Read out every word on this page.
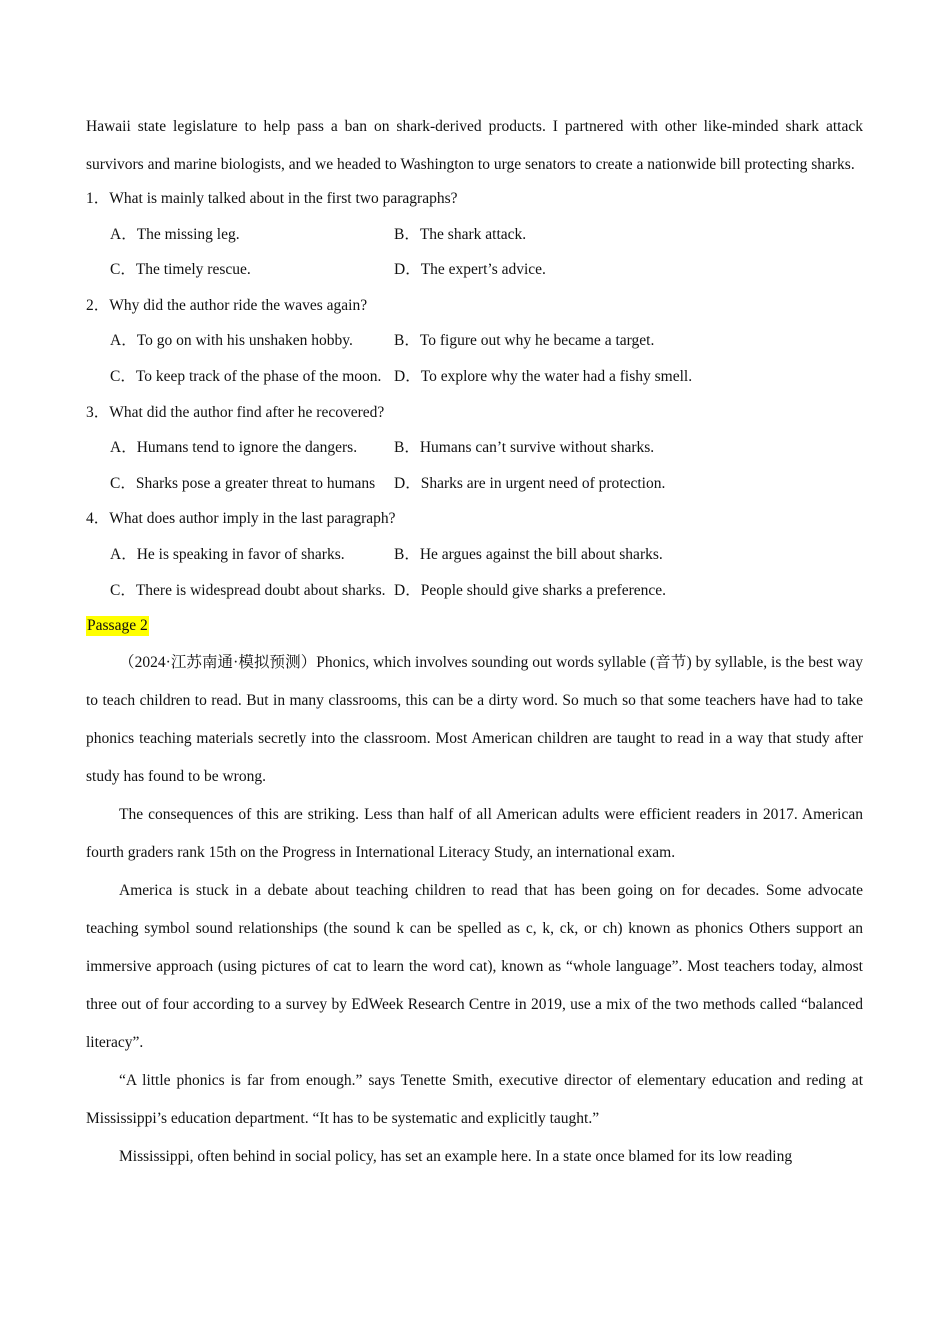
Hawaii state legislature to help pass a ban on shark-derived products. I partnered with other like-minded shark attack survivors and marine biologists, and we headed to Washington to urge senators to create a nationwide bill protecting sharks.

1．What is mainly talked about in the first two paragraphs?

A．The missing leg.	B．The shark attack.
C．The timely rescue.	D．The expert’s advice.

2．Why did the author ride the waves again?

A．To go on with his unshaken hobby.	B．To figure out why he became a target.
C．To keep track of the phase of the moon. D．To explore why the water had a fishy smell.

3．What did the author find after he recovered?

A．Humans tend to ignore the dangers.	B．Humans can’t survive without sharks.
C．Sharks pose a greater threat to humans	D．Sharks are in urgent need of protection.

4．What does author imply in the last paragraph?

A．He is speaking in favor of sharks.	B．He argues against the bill about sharks.
C．There is widespread doubt about sharks. D．People should give sharks a preference.
Passage 2

（2024·江苏南通·模拟预测）Phonics, which involves sounding out words syllable (音节) by syllable, is the best way to teach children to read. But in many classrooms, this can be a dirty word. So much so that some teachers have had to take phonics teaching materials secretly into the classroom. Most American children are taught to read in a way that study after study has found to be wrong.

The consequences of this are striking. Less than half of all American adults were efficient readers in 2017. American fourth graders rank 15th on the Progress in International Literacy Study, an international exam.

America is stuck in a debate about teaching children to read that has been going on for decades. Some advocate teaching symbol sound relationships (the sound k can be spelled as c, k, ck, or ch) known as phonics Others support an immersive approach (using pictures of cat to learn the word cat), known as “whole language”. Most teachers today, almost three out of four according to a survey by EdWeek Research Centre in 2019, use a mix of the two methods called “balanced literacy”.

“A little phonics is far from enough.” says Tenette Smith, executive director of elementary education and reding at Mississippi’s education department. “It has to be systematic and explicitly taught.”

Mississippi, often behind in social policy, has set an example here. In a state once blamed for its low reading
